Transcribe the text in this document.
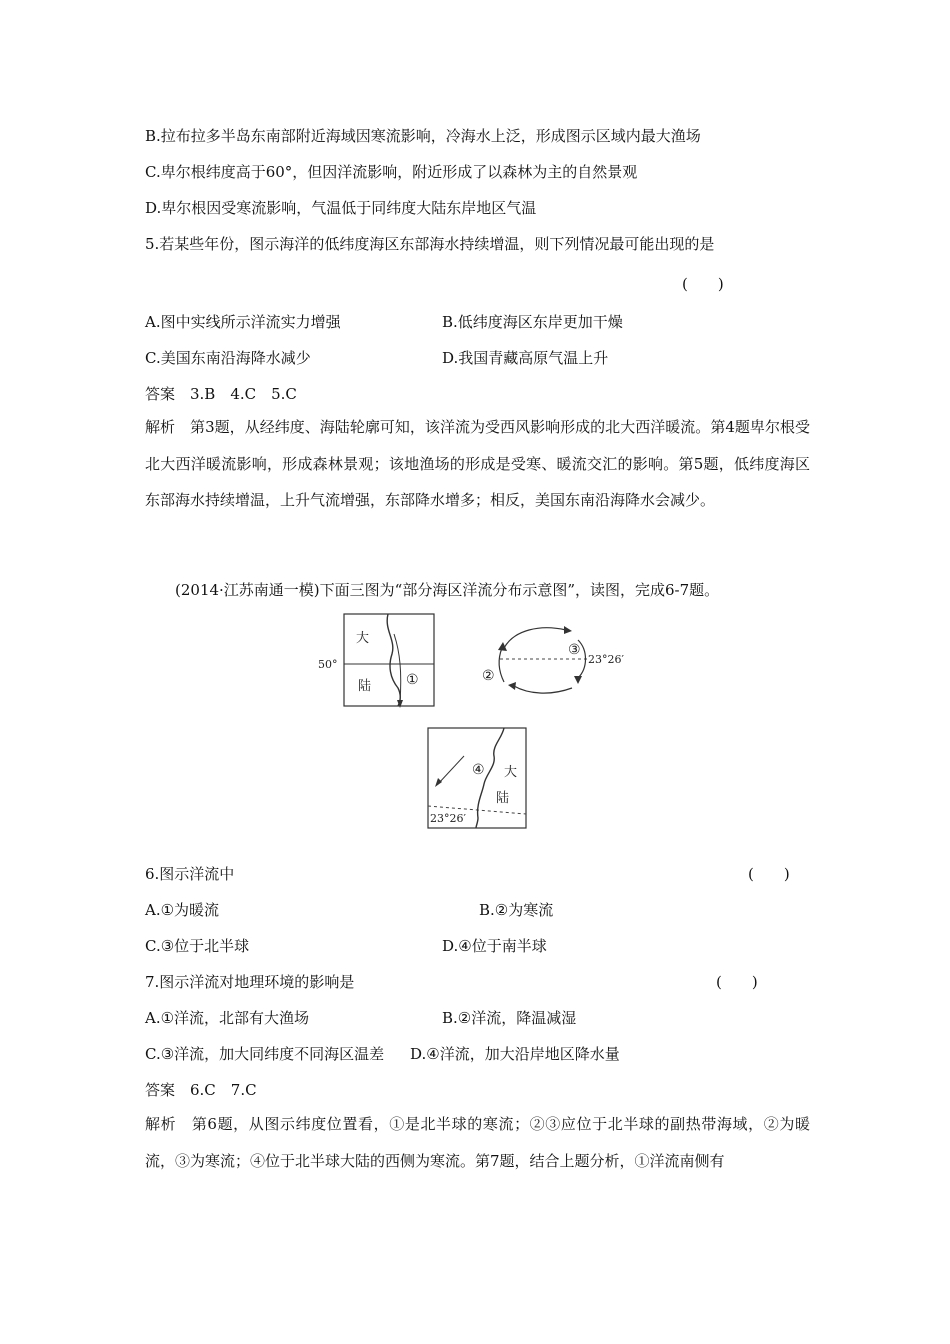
B.拉布拉多半岛东南部附近海域因寒流影响，冷海水上泛，形成图示区域内最大渔场
C.卑尔根纬度高于60°，但因洋流影响，附近形成了以森林为主的自然景观
D.卑尔根因受寒流影响，气温低于同纬度大陆东岸地区气温
5.若某些年份，图示海洋的低纬度海区东部海水持续增温，则下列情况最可能出现的是
(　　)
A.图中实线所示洋流实力增强	B.低纬度海区东岸更加干燥
C.美国东南沿海降水减少	D.我国青藏高原气温上升
答案　3.B　4.C　5.C
解析　第3题，从经纬度、海陆轮廓可知，该洋流为受西风影响形成的北大西洋暖流。第4题卑尔根受北大西洋暖流影响，形成森林景观；该地渔场的形成是受寒、暖流交汇的影响。第5题，低纬度海区东部海水持续增温，上升气流增强，东部降水增多；相反，美国东南沿海降水会减少。
(2014·江苏南通一模)下面三图为“部分海区洋流分布示意图”，读图，完成6-7题。
50°
大
陆 ①	②
③
23°26′
④ 大
陆
23°26′
6.图示洋流中	(　　)
A.①为暖流	B.②为寒流
C.③位于北半球	D.④位于南半球
7.图示洋流对地理环境的影响是	(　　)
A.①洋流，北部有大渔场	B.②洋流，降温减湿
C.③洋流，加大同纬度不同海区温差 D.④洋流，加大沿岸地区降水量
答案　6.C　7.C
解析　第6题，从图示纬度位置看，①是北半球的寒流；②③应位于北半球的副热带海域，②为暖流，③为寒流；④位于北半球大陆的西侧为寒流。第7题，结合上题分析，①洋流南侧有
